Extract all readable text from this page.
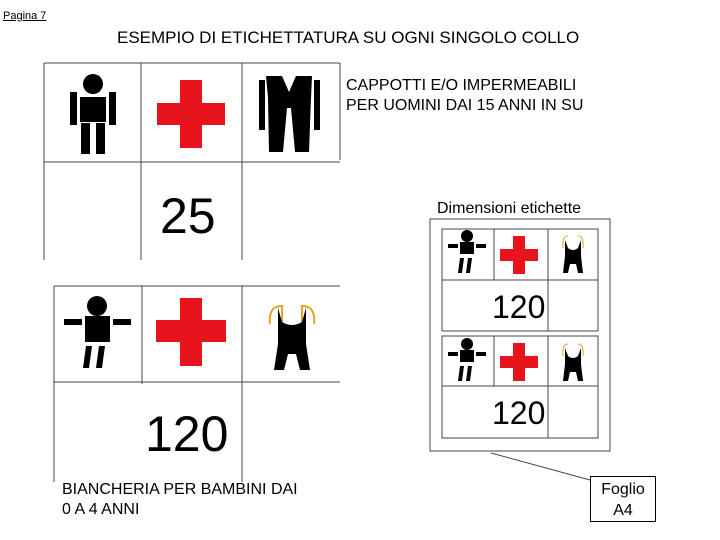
Pagina 7
ESEMPIO DI ETICHETTATURA SU OGNI SINGOLO COLLO
CAPPOTTI E/O IMPERMEABILI
PER UOMINI DAI 15 ANNI IN SU
25	Dimensioni etichette
120
120
120
BIANCHERIA PER BAMBINI DAI
0 A 4 ANNI
Foglio
A4
